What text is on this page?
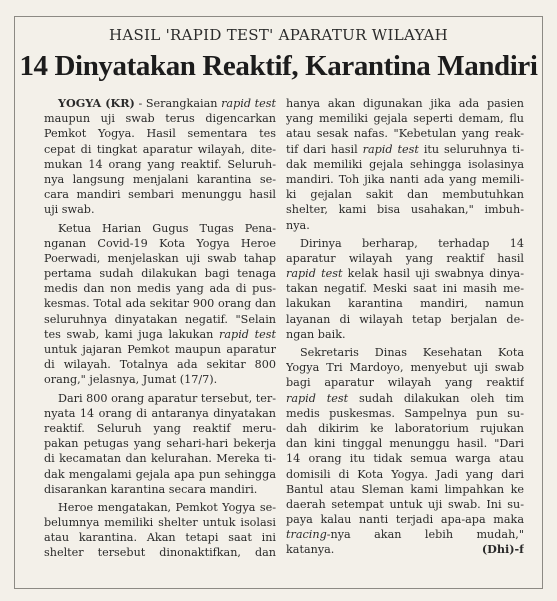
HASIL 'RAPID TEST' APARATUR WILAYAH
14 Dinyatakan Reaktif, Karantina Mandiri
YOGYA (KR) - Serangkaian rapid test
maupun uji swab terus digencarkan
Pemkot Yogya. Hasil sementara tes
cepat di tingkat aparatur wilayah, dite-
mukan 14 orang yang reaktif. Seluruh-
nya langsung menjalani karantina se-
cara mandiri sembari menunggu hasil
uji swab.
Ketua Harian Gugus Tugas Pena-
nganan Covid-19 Kota Yogya Heroe
Poerwadi, menjelaskan uji swab tahap
pertama sudah dilakukan bagi tenaga
medis dan non medis yang ada di pus-
kesmas. Total ada sekitar 900 orang dan
seluruhnya dinyatakan negatif. "Selain
tes swab, kami juga lakukan rapid test
untuk jajaran Pemkot maupun aparatur
di wilayah. Totalnya ada sekitar 800
orang," jelasnya, Jumat (17/7).
Dari 800 orang aparatur tersebut, ter-
nyata 14 orang di antaranya dinyatakan
reaktif. Seluruh yang reaktif meru-
pakan petugas yang sehari-hari bekerja
di kecamatan dan kelurahan. Mereka ti-
dak mengalami gejala apa pun sehingga
disarankan karantina secara mandiri.
Heroe mengatakan, Pemkot Yogya se-
belumnya memiliki shelter untuk isolasi
atau karantina. Akan tetapi saat ini
shelter tersebut dinonaktifkan, dan
hanya akan digunakan jika ada pasien
yang memiliki gejala seperti demam, flu
atau sesak nafas. "Kebetulan yang reak-
tif dari hasil rapid test itu seluruhnya ti-
dak memiliki gejala sehingga isolasinya
mandiri. Toh jika nanti ada yang memili-
ki gejalan sakit dan membutuhkan
shelter, kami bisa usahakan," imbuh-
nya.
Dirinya berharap, terhadap 14
aparatur wilayah yang reaktif hasil
rapid test kelak hasil uji swabnya dinya-
takan negatif. Meski saat ini masih me-
lakukan karantina mandiri, namun
layanan di wilayah tetap berjalan de-
ngan baik.
Sekretaris Dinas Kesehatan Kota
Yogya Tri Mardoyo, menyebut uji swab
bagi aparatur wilayah yang reaktif
rapid test sudah dilakukan oleh tim
medis puskesmas. Sampelnya pun su-
dah dikirim ke laboratorium rujukan
dan kini tinggal menunggu hasil. "Dari
14 orang itu tidak semua warga atau
domisili di Kota Yogya. Jadi yang dari
Bantul atau Sleman kami limpahkan ke
daerah setempat untuk uji swab. Ini su-
paya kalau nanti terjadi apa-apa maka
tracing-nya akan lebih mudah,"
katanya.	(Dhi)-f
